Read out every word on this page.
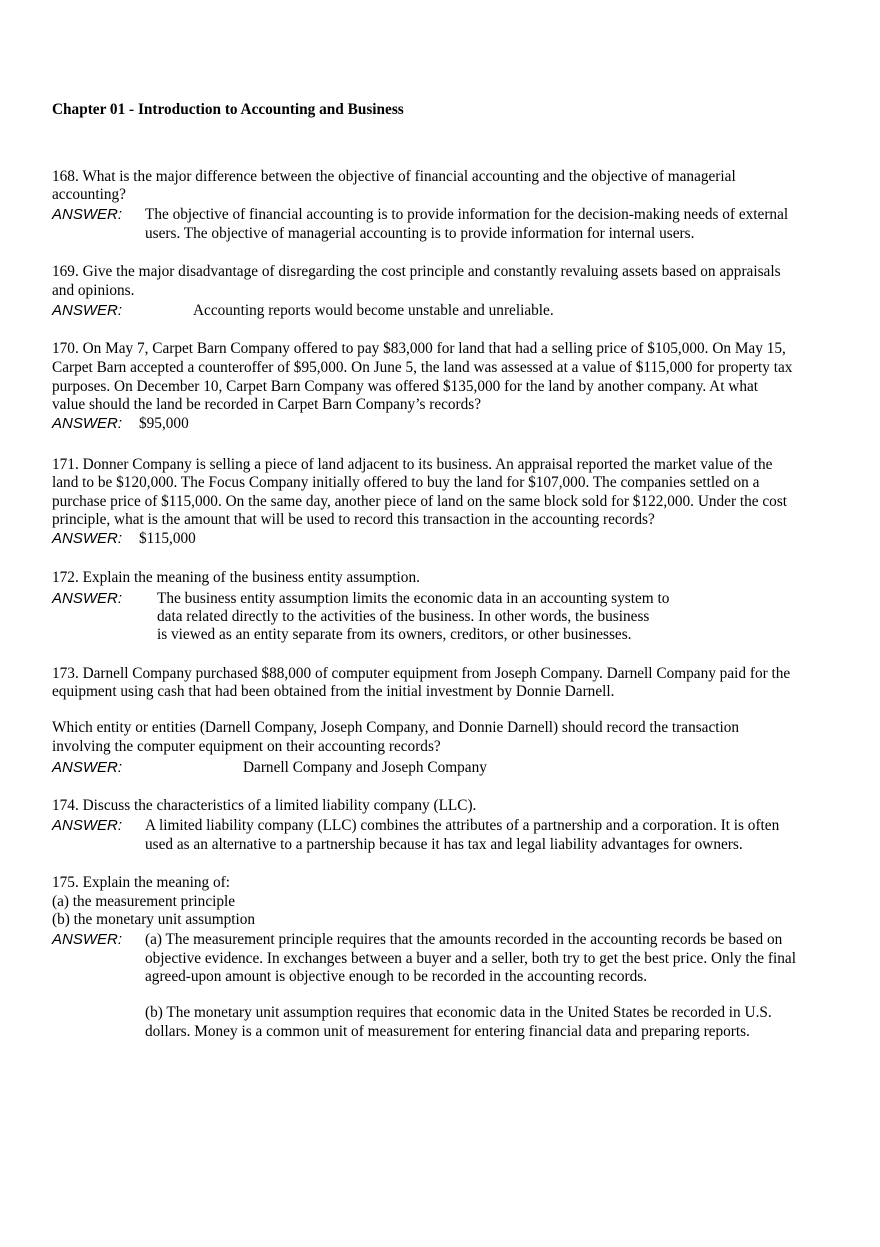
Chapter 01 - Introduction to Accounting and Business
168. What is the major difference between the objective of financial accounting and the objective of managerial
accounting?
ANSWER: The objective of financial accounting is to provide information for the decision-making needs of external
users. The objective of managerial accounting is to provide information for internal users.
169. Give the major disadvantage of disregarding the cost principle and constantly revaluing assets based on appraisals
and opinions.
ANSWER:	Accounting reports would become unstable and unreliable.
170. On May 7, Carpet Barn Company offered to pay $83,000 for land that had a selling price of $105,000. On May 15,
Carpet Barn accepted a counteroffer of $95,000. On June 5, the land was assessed at a value of $115,000 for property tax
purposes. On December 10, Carpet Barn Company was offered $135,000 for the land by another company. At what
value should the land be recorded in Carpet Barn Company’s records?
ANSWER: $95,000
171. Donner Company is selling a piece of land adjacent to its business. An appraisal reported the market value of the
land to be $120,000. The Focus Company initially offered to buy the land for $107,000. The companies settled on a
purchase price of $115,000. On the same day, another piece of land on the same block sold for $122,000. Under the cost
principle, what is the amount that will be used to record this transaction in the accounting records?
ANSWER: $115,000
172. Explain the meaning of the business entity assumption.
ANSWER: The business entity assumption limits the economic data in an accounting system to
data related directly to the activities of the business. In other words, the business
is viewed as an entity separate from its owners, creditors, or other businesses.
173. Darnell Company purchased $88,000 of computer equipment from Joseph Company. Darnell Company paid for the
equipment using cash that had been obtained from the initial investment by Donnie Darnell.
Which entity or entities (Darnell Company, Joseph Company, and Donnie Darnell) should record the transaction
involving the computer equipment on their accounting records?
ANSWER:	Darnell Company and Joseph Company
174. Discuss the characteristics of a limited liability company (LLC).
ANSWER: A limited liability company (LLC) combines the attributes of a partnership and a corporation. It is often
used as an alternative to a partnership because it has tax and legal liability advantages for owners.
175. Explain the meaning of:
(a) the measurement principle
(b) the monetary unit assumption
ANSWER: (a) The measurement principle requires that the amounts recorded in the accounting records be based on
objective evidence. In exchanges between a buyer and a seller, both try to get the best price. Only the final
agreed-upon amount is objective enough to be recorded in the accounting records.
(b) The monetary unit assumption requires that economic data in the United States be recorded in U.S.
dollars. Money is a common unit of measurement for entering financial data and preparing reports.
